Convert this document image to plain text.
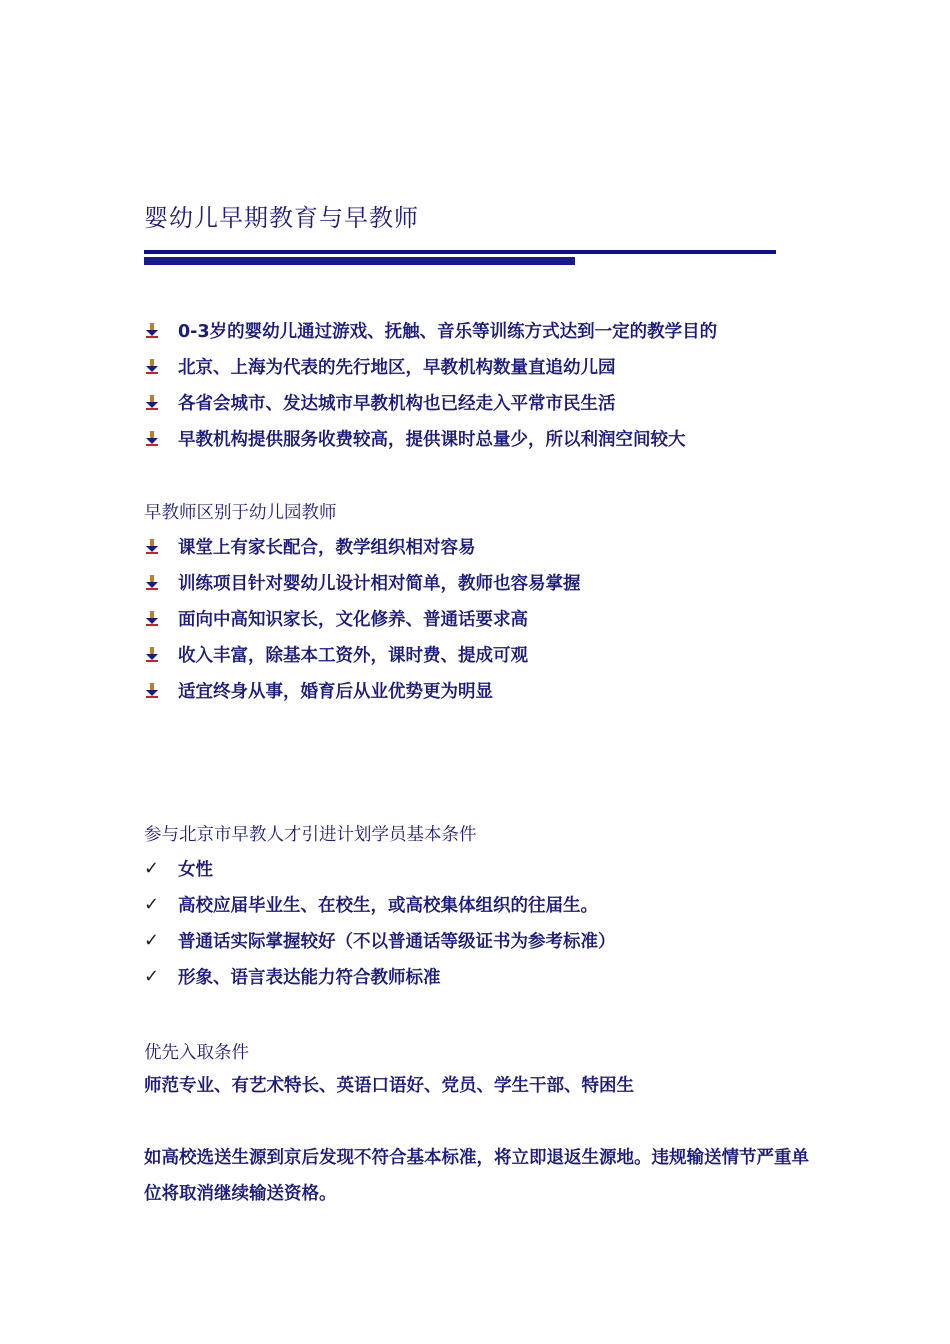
婴幼儿早期教育与早教师
0-3岁的婴幼儿通过游戏、抚触、音乐等训练方式达到一定的教学目的
北京、上海为代表的先行地区，早教机构数量直追幼儿园
各省会城市、发达城市早教机构也已经走入平常市民生活
早教机构提供服务收费较高，提供课时总量少，所以利润空间较大
早教师区别于幼儿园教师
课堂上有家长配合，教学组织相对容易
训练项目针对婴幼儿设计相对简单，教师也容易掌握
面向中高知识家长，文化修养、普通话要求高
收入丰富，除基本工资外，课时费、提成可观
适宜终身从事，婚育后从业优势更为明显
参与北京市早教人才引进计划学员基本条件
✓ 女性
✓ 高校应届毕业生、在校生，或高校集体组织的往届生。
✓ 普通话实际掌握较好（不以普通话等级证书为参考标准）
✓ 形象、语言表达能力符合教师标准
优先入取条件
师范专业、有艺术特长、英语口语好、党员、学生干部、特困生
如高校选送生源到京后发现不符合基本标准，将立即退返生源地。违规输送情节严重单位将取消继续输送资格。
